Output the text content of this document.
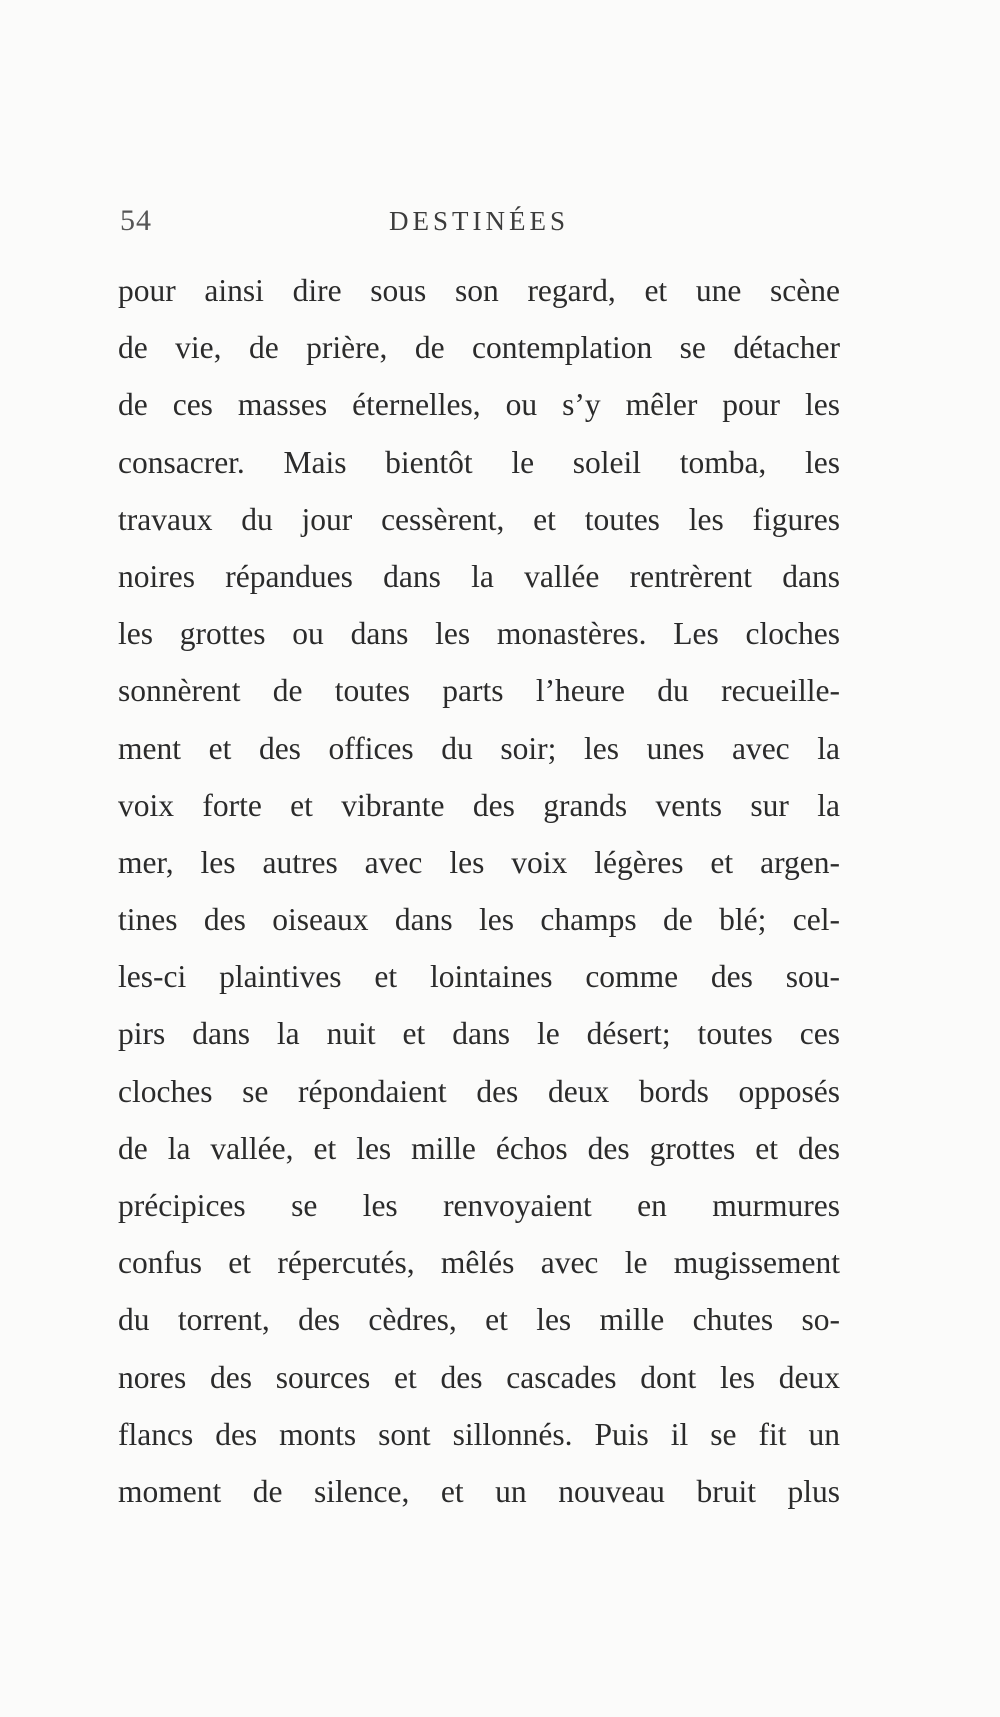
54	DESTINÉES
pour ainsi dire sous son regard, et une scène
de vie, de prière, de contemplation se détacher
de ces masses éternelles, ou s’y mêler pour les
consacrer. Mais bientôt le soleil tomba, les
travaux du jour cessèrent, et toutes les figures
noires répandues dans la vallée rentrèrent dans
les grottes ou dans les monastères. Les cloches
sonnèrent de toutes parts l’heure du recueille-
ment et des offices du soir; les unes avec la
voix forte et vibrante des grands vents sur la
mer, les autres avec les voix légères et argen-
tines des oiseaux dans les champs de blé; cel-
les-ci plaintives et lointaines comme des sou-
pirs dans la nuit et dans le désert; toutes ces
cloches se répondaient des deux bords opposés
de la vallée, et les mille échos des grottes et des
précipices se les renvoyaient en murmures
confus et répercutés, mêlés avec le mugissement
du torrent, des cèdres, et les mille chutes so-
nores des sources et des cascades dont les deux
flancs des monts sont sillonnés. Puis il se fit un
moment de silence, et un nouveau bruit plus
